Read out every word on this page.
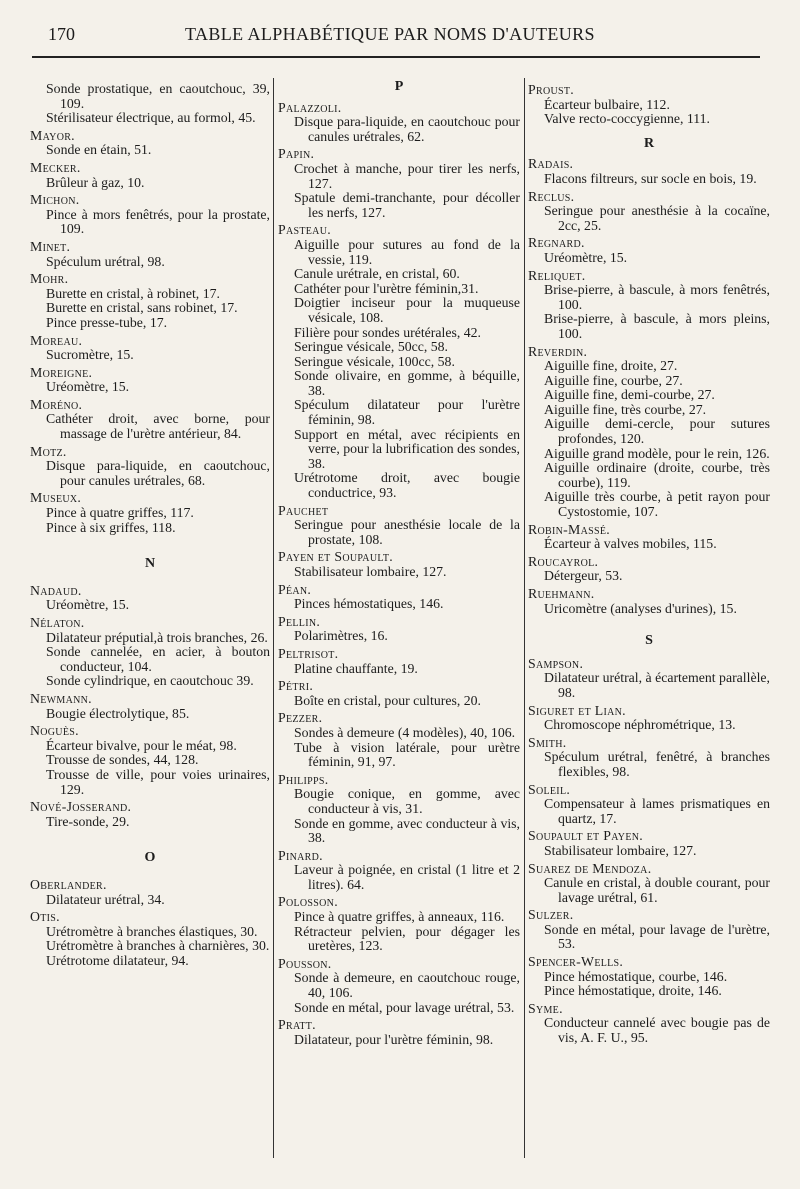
170	TABLE ALPHABÉTIQUE PAR NOMS D'AUTEURS
Sonde prostatique, en caoutchouc, 39, 109.
Stérilisateur électrique, au formol, 45.
Mayor.
Sonde en étain, 51.
Mecker.
Brûleur à gaz, 10.
Michon.
Pince à mors fenêtrés, pour la prostate, 109.
Minet.
Spéculum urétral, 98.
Mohr.
Burette en cristal, à robinet, 17.
Burette en cristal, sans robinet, 17.
Pince presse-tube, 17.
Moreau.
Sucromètre, 15.
Moreigne.
Uréomètre, 15.
Moréno.
Cathéter droit, avec borne, pour massage de l'urètre antérieur, 84.
Motz.
Disque para-liquide, en caoutchouc, pour canules urétrales, 68.
Museux.
Pince à quatre griffes, 117.
Pince à six griffes, 118.
N
Nadaud.
Uréomètre, 15.
Nélaton.
Dilatateur préputial,à trois branches, 26.
Sonde cannelée, en acier, à bouton conducteur, 104.
Sonde cylindrique, en caoutchouc 39.
Newmann.
Bougie électrolytique, 85.
Noguès.
Écarteur bivalve, pour le méat, 98.
Trousse de sondes, 44, 128.
Trousse de ville, pour voies urinaires, 129.
Nové-Josserand.
Tire-sonde, 29.
O
Oberlander.
Dilatateur urétral, 34.
Otis.
Urétromètre à branches élastiques, 30.
Urétromètre à branches à charnières, 30.
Urétrotome dilatateur, 94.
P
Palazzoli.
Disque para-liquide, en caoutchouc pour canules urétrales, 62.
Papin.
Crochet à manche, pour tirer les nerfs, 127.
Spatule demi-tranchante, pour décoller les nerfs, 127.
Pasteau.
Aiguille pour sutures au fond de la vessie, 119.
Canule urétrale, en cristal, 60.
Cathéter pour l'urètre féminin,31.
Doigtier inciseur pour la muqueuse vésicale, 108.
Filière pour sondes urétérales, 42.
Seringue vésicale, 50cc, 58.
Seringue vésicale, 100cc, 58.
Sonde olivaire, en gomme, à béquille, 38.
Spéculum dilatateur pour l'urètre féminin, 98.
Support en métal, avec récipients en verre, pour la lubrification des sondes, 38.
Urétrotome droit, avec bougie conductrice, 93.
Pauchet
Seringue pour anesthésie locale de la prostate, 108.
Payen et Soupault.
Stabilisateur lombaire, 127.
Péan.
Pinces hémostatiques, 146.
Pellin.
Polarimètres, 16.
Peltrisot.
Platine chauffante, 19.
Pétri.
Boîte en cristal, pour cultures, 20.
Pezzer.
Sondes à demeure (4 modèles), 40, 106.
Tube à vision latérale, pour urètre féminin, 91, 97.
Philipps.
Bougie conique, en gomme, avec conducteur à vis, 31.
Sonde en gomme, avec conducteur à vis, 38.
Pinard.
Laveur à poignée, en cristal (1 litre et 2 litres). 64.
Polosson.
Pince à quatre griffes, à anneaux, 116.
Rétracteur pelvien, pour dégager les uretères, 123.
Pousson.
Sonde à demeure, en caoutchouc rouge, 40, 106.
Sonde en métal, pour lavage urétral, 53.
Pratt.
Dilatateur, pour l'urètre féminin, 98.
Proust.
Écarteur bulbaire, 112.
Valve recto-coccygienne, 111.
R
Radais.
Flacons filtreurs, sur socle en bois, 19.
Reclus.
Seringue pour anesthésie à la cocaïne, 2cc, 25.
Regnard.
Uréomètre, 15.
Reliquet.
Brise-pierre, à bascule, à mors fenêtrés, 100.
Brise-pierre, à bascule, à mors pleins, 100.
Reverdin.
Aiguille fine, droite, 27.
Aiguille fine, courbe, 27.
Aiguille fine, demi-courbe, 27.
Aiguille fine, très courbe, 27.
Aiguille demi-cercle, pour sutures profondes, 120.
Aiguille grand modèle, pour le rein, 126.
Aiguille ordinaire (droite, courbe, très courbe), 119.
Aiguille très courbe, à petit rayon pour Cystostomie, 107.
Robin-Massé.
Écarteur à valves mobiles, 115.
Roucayrol.
Détergeur, 53.
Ruehmann.
Uricomètre (analyses d'urines), 15.
S
Sampson.
Dilatateur urétral, à écartement parallèle, 98.
Siguret et Lian.
Chromoscope néphrométrique, 13.
Smith.
Spéculum urétral, fenêtré, à branches flexibles, 98.
Soleil.
Compensateur à lames prismatiques en quartz, 17.
Soupault et Payen.
Stabilisateur lombaire, 127.
Suarez de Mendoza.
Canule en cristal, à double courant, pour lavage urétral, 61.
Sulzer.
Sonde en métal, pour lavage de l'urètre, 53.
Spencer-Wells.
Pince hémostatique, courbe, 146.
Pince hémostatique, droite, 146.
Syme.
Conducteur cannelé avec bougie pas de vis, A. F. U., 95.
